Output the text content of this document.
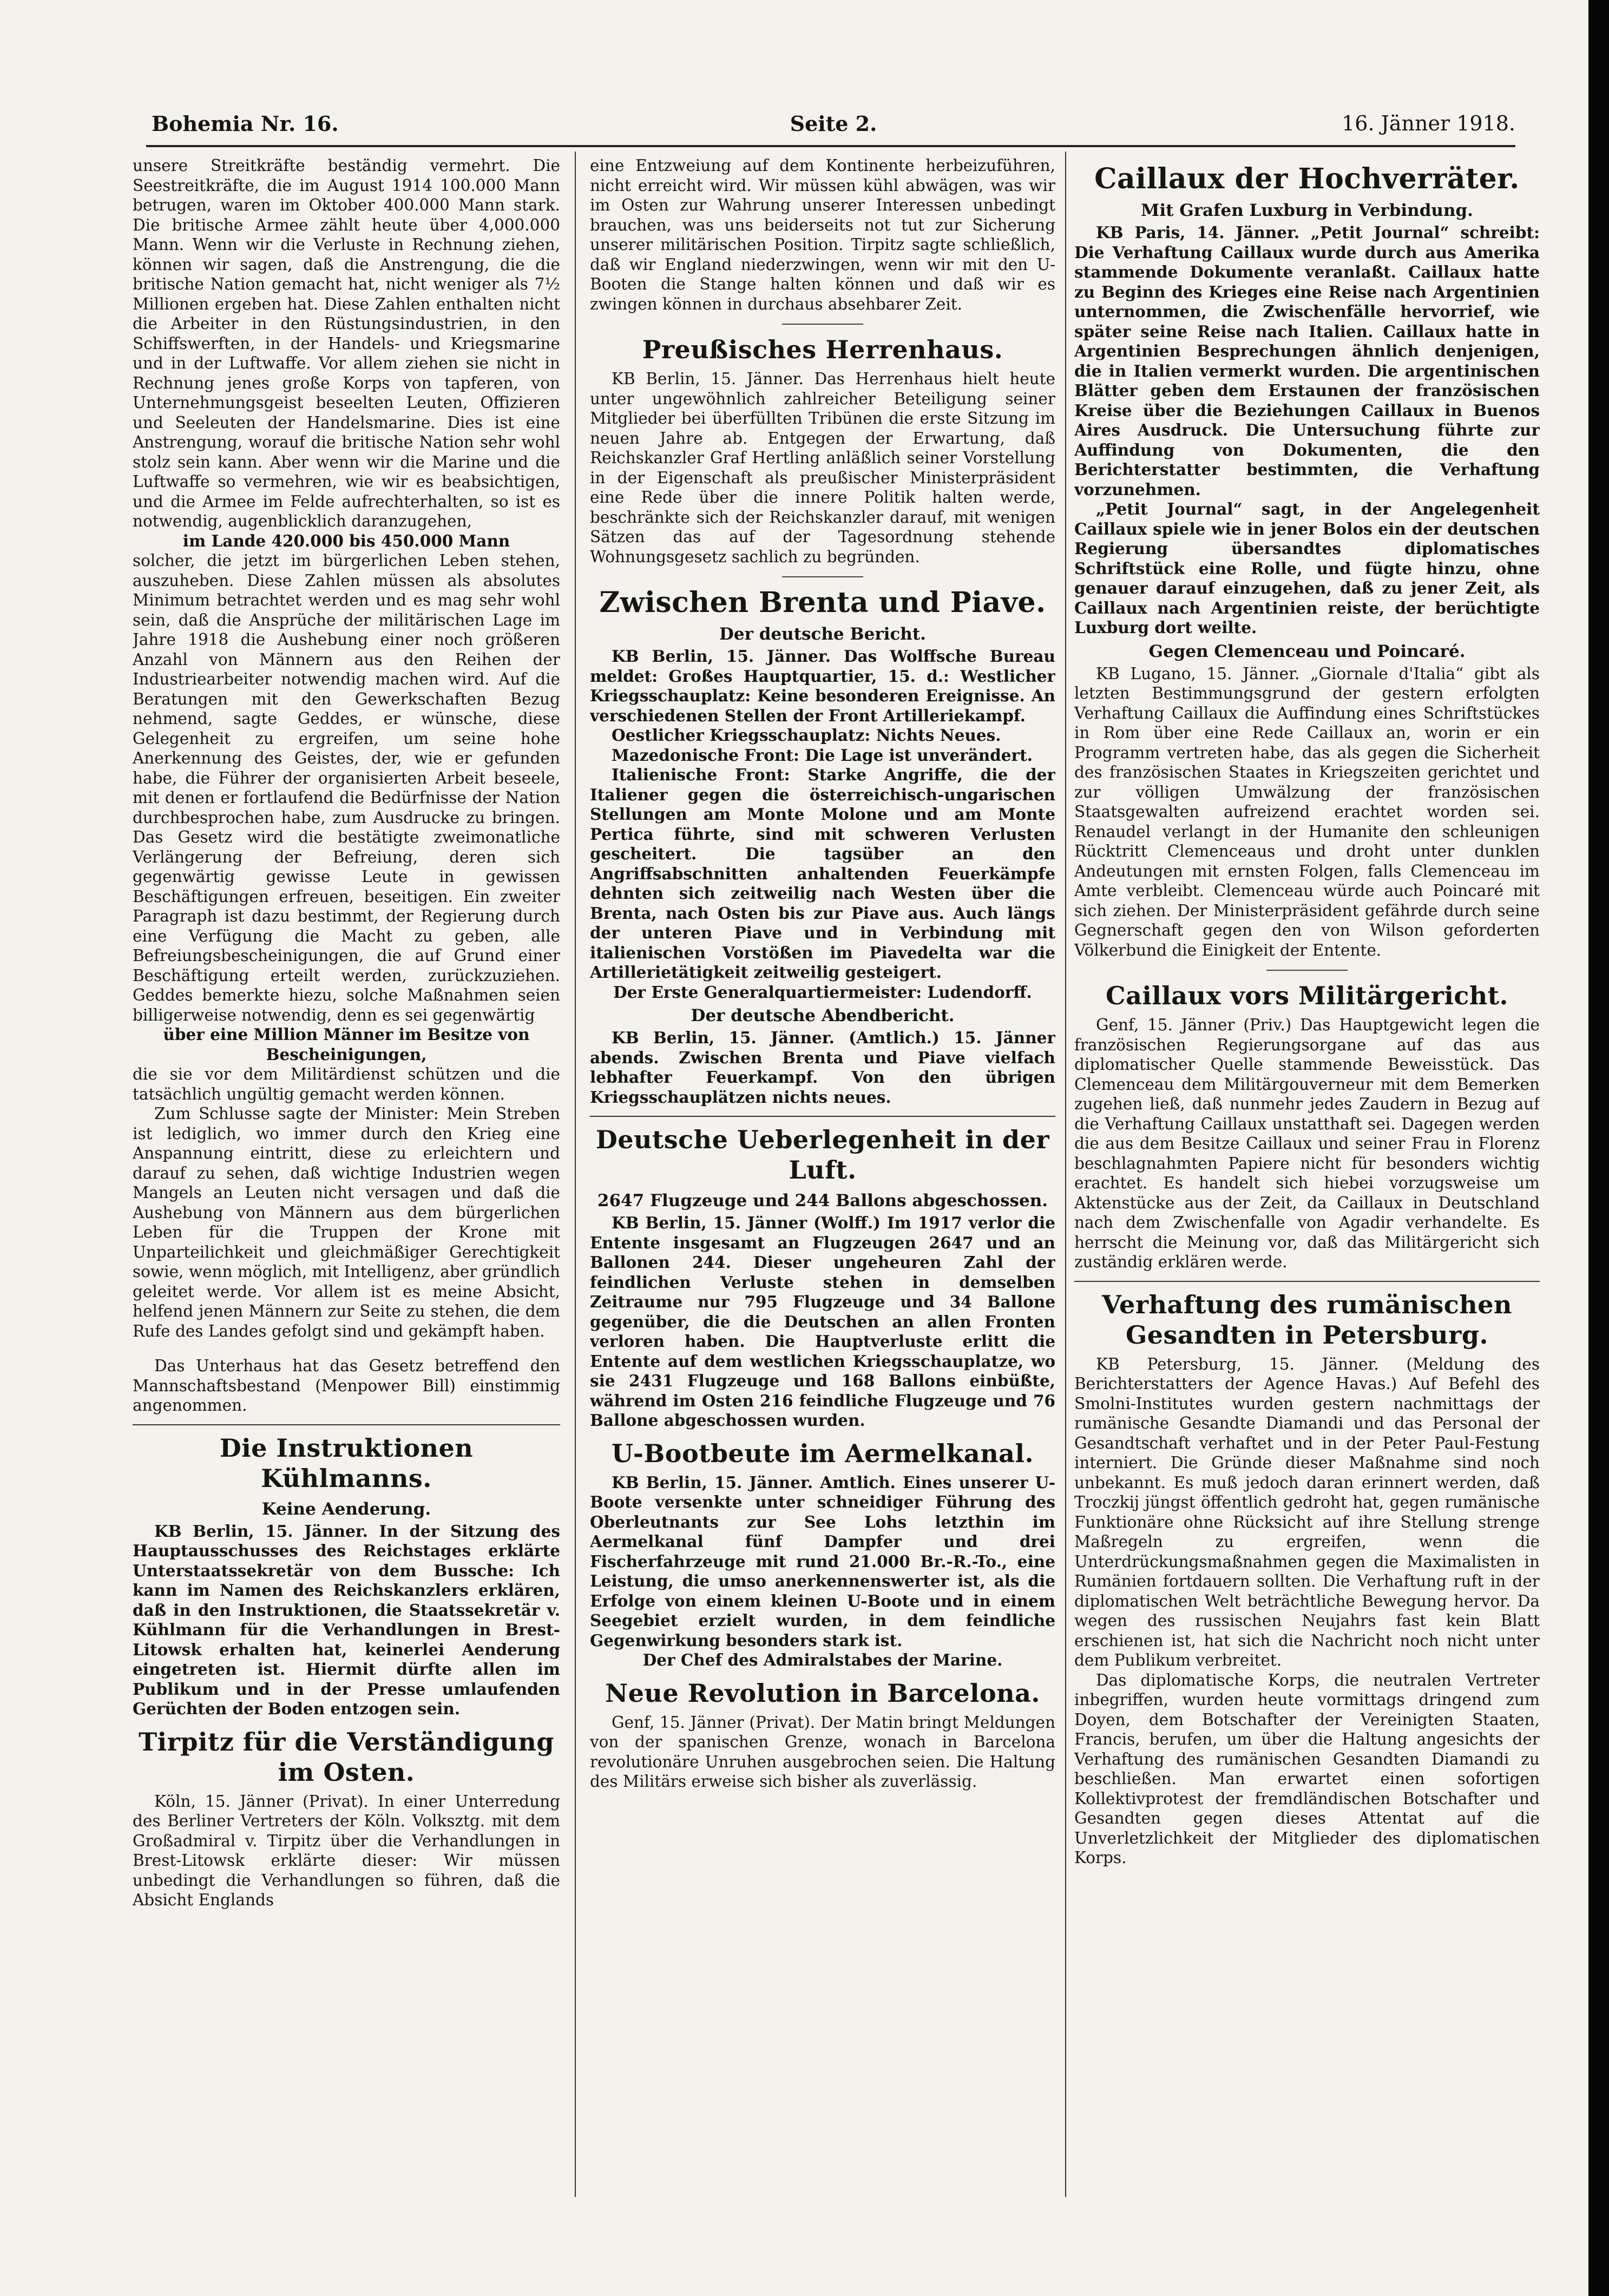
Seite 2.
Bohemia Nr. 16.	16. Jänner 1918.

unsere Streitkräfte beständig vermehrt. Die Seestreitkräfte, die im August 1914 100.000 Mann betrugen, waren im Oktober 400.000 Mann stark. Die britische Armee zählt heute über 4,000.000 Mann. Wenn wir die Verluste in Rechnung ziehen, können wir sagen, daß die Anstrengung, die die britische Nation gemacht hat, nicht weniger als 7½ Millionen ergeben hat. Diese Zahlen enthalten nicht die Arbeiter in den Rüstungsindustrien, in den Schiffswerften, in der Handels- und Kriegsmarine und in der Luftwaffe. Vor allem ziehen sie nicht in Rechnung jenes große Korps von tapferen, von Unternehmungsgeist beseelten Leuten, Offizieren und Seeleuten der Handelsmarine. Dies ist eine Anstrengung, worauf die britische Nation sehr wohl stolz sein kann. Aber wenn wir die Marine und die Luftwaffe so vermehren, wie wir es beabsichtigen, und die Armee im Felde aufrechterhalten, so ist es notwendig, augenblicklich daranzugehen,

im Lande 420.000 bis 450.000 Mann

solcher, die jetzt im bürgerlichen Leben stehen, auszuheben. Diese Zahlen müssen als absolutes Minimum betrachtet werden und es mag sehr wohl sein, daß die Ansprüche der militärischen Lage im Jahre 1918 die Aushebung einer noch größeren Anzahl von Männern aus den Reihen der Industriearbeiter notwendig machen wird. Auf die Beratungen mit den Gewerkschaften Bezug nehmend, sagte Geddes, er wünsche, diese Gelegenheit zu ergreifen, um seine hohe Anerkennung des Geistes, der, wie er gefunden habe, die Führer der organisierten Arbeit beseele, mit denen er fortlaufend die Bedürfnisse der Nation durchbesprochen habe, zum Ausdrucke zu bringen. Das Gesetz wird die bestätigte zweimonatliche Verlängerung der Befreiung, deren sich gegenwärtig gewisse Leute in gewissen Beschäftigungen erfreuen, beseitigen. Ein zweiter Paragraph ist dazu bestimmt, der Regierung durch eine Verfügung die Macht zu geben, alle Befreiungsbescheinigungen, die auf Grund einer Beschäftigung erteilt werden, zurückzuziehen. Geddes bemerkte hiezu, solche Maßnahmen seien billigerweise notwendig, denn es sei gegenwärtig

über eine Million Männer im Besitze von Bescheinigungen,

die sie vor dem Militärdienst schützen und die tatsächlich ungültig gemacht werden können.

Zum Schlusse sagte der Minister: Mein Streben ist lediglich, wo immer durch den Krieg eine Anspannung eintritt, diese zu erleichtern und darauf zu sehen, daß wichtige Industrien wegen Mangels an Leuten nicht versagen und daß die Aushebung von Männern aus dem bürgerlichen Leben für die Truppen der Krone mit Unparteilichkeit und gleichmäßiger Gerechtigkeit sowie, wenn möglich, mit Intelligenz, aber gründlich geleitet werde. Vor allem ist es meine Absicht, helfend jenen Männern zur Seite zu stehen, die dem Rufe des Landes gefolgt sind und gekämpft haben.

Das Unterhaus hat das Gesetz betreffend den Mannschaftsbestand (Menpower Bill) einstimmig angenommen.

Die Instruktionen Kühlmanns.

Keine Aenderung.

KB Berlin, 15. Jänner. In der Sitzung des Hauptausschusses des Reichstages erklärte Unterstaatssekretär von dem Bussche: Ich kann im Namen des Reichskanzlers erklären, daß in den Instruktionen, die Staatssekretär v. Kühlmann für die Verhandlungen in Brest-Litowsk erhalten hat, keinerlei Aenderung eingetreten ist. Hiermit dürfte allen im Publikum und in der Presse umlaufenden Gerüchten der Boden entzogen sein.

Tirpitz für die Verständigung im Osten.

Köln, 15. Jänner (Privat). In einer Unterredung des Berliner Vertreters der Köln. Volksztg. mit dem Großadmiral v. Tirpitz über die Verhandlungen in Brest-Litowsk erklärte dieser: Wir müssen unbedingt die Verhandlungen so führen, daß die Absicht Englands

eine Entzweiung auf dem Kontinente herbeizuführen, nicht erreicht wird. Wir müssen kühl abwägen, was wir im Osten zur Wahrung unserer Interessen unbedingt brauchen, was uns beiderseits not tut zur Sicherung unserer militärischen Position. Tirpitz sagte schließlich, daß wir England niederzwingen, wenn wir mit den U-Booten die Stange halten können und daß wir es zwingen können in durchaus absehbarer Zeit.

Preußisches Herrenhaus.

KB Berlin, 15. Jänner. Das Herrenhaus hielt heute unter ungewöhnlich zahlreicher Beteiligung seiner Mitglieder bei überfüllten Tribünen die erste Sitzung im neuen Jahre ab. Entgegen der Erwartung, daß Reichskanzler Graf Hertling anläßlich seiner Vorstellung in der Eigenschaft als preußischer Ministerpräsident eine Rede über die innere Politik halten werde, beschränkte sich der Reichskanzler darauf, mit wenigen Sätzen das auf der Tagesordnung stehende Wohnungsgesetz sachlich zu begründen.

Zwischen Brenta und Piave.

Der deutsche Bericht.

KB Berlin, 15. Jänner. Das Wolffsche Bureau meldet: Großes Hauptquartier, 15. d.: Westlicher Kriegsschauplatz: Keine besonderen Ereignisse. An verschiedenen Stellen der Front Artilleriekampf.

Oestlicher Kriegsschauplatz: Nichts Neues.

Mazedonische Front: Die Lage ist unverändert.

Italienische Front: Starke Angriffe, die der Italiener gegen die österreichisch-ungarischen Stellungen am Monte Molone und am Monte Pertica führte, sind mit schweren Verlusten gescheitert. Die tagsüber an den Angriffsabschnitten anhaltenden Feuerkämpfe dehnten sich zeitweilig nach Westen über die Brenta, nach Osten bis zur Piave aus. Auch längs der unteren Piave und in Verbindung mit italienischen Vorstößen im Piavedelta war die Artillerietätigkeit zeitweilig gesteigert.

Der Erste Generalquartiermeister: Ludendorff.

Der deutsche Abendbericht.

KB Berlin, 15. Jänner. (Amtlich.) 15. Jänner abends. Zwischen Brenta und Piave vielfach lebhafter Feuerkampf. Von den übrigen Kriegsschauplätzen nichts neues.

Deutsche Ueberlegenheit in der Luft.

2647 Flugzeuge und 244 Ballons abgeschossen.

KB Berlin, 15. Jänner (Wolff.) Im 1917 verlor die Entente insgesamt an Flugzeugen 2647 und an Ballonen 244. Dieser ungeheuren Zahl der feindlichen Verluste stehen in demselben Zeitraume nur 795 Flugzeuge und 34 Ballone gegenüber, die die Deutschen an allen Fronten verloren haben. Die Hauptverluste erlitt die Entente auf dem westlichen Kriegsschauplatze, wo sie 2431 Flugzeuge und 168 Ballons einbüßte, während im Osten 216 feindliche Flugzeuge und 76 Ballone abgeschossen wurden.

U-Bootbeute im Aermelkanal.

KB Berlin, 15. Jänner. Amtlich. Eines unserer U-Boote versenkte unter schneidiger Führung des Oberleutnants zur See Lohs letzthin im Aermelkanal fünf Dampfer und drei Fischerfahrzeuge mit rund 21.000 Br.-R.-To., eine Leistung, die umso anerkennenswerter ist, als die Erfolge von einem kleinen U-Boote und in einem Seegebiet erzielt wurden, in dem feindliche Gegenwirkung besonders stark ist.

Der Chef des Admiralstabes der Marine.

Neue Revolution in Barcelona.

Genf, 15. Jänner (Privat). Der Matin bringt Meldungen von der spanischen Grenze, wonach in Barcelona revolutionäre Unruhen ausgebrochen seien. Die Haltung des Militärs erweise sich bisher als zuverlässig.

Caillaux der Hochverräter.

Mit Grafen Luxburg in Verbindung.

KB Paris, 14. Jänner. „Petit Journal“ schreibt: Die Verhaftung Caillaux wurde durch aus Amerika stammende Dokumente veranlaßt. Caillaux hatte zu Beginn des Krieges eine Reise nach Argentinien unternommen, die Zwischenfälle hervorrief, wie später seine Reise nach Italien. Caillaux hatte in Argentinien Besprechungen ähnlich denjenigen, die in Italien vermerkt wurden. Die argentinischen Blätter geben dem Erstaunen der französischen Kreise über die Beziehungen Caillaux in Buenos Aires Ausdruck. Die Untersuchung führte zur Auffindung von Dokumenten, die den Berichterstatter bestimmten, die Verhaftung vorzunehmen.

„Petit Journal“ sagt, in der Angelegenheit Caillaux spiele wie in jener Bolos ein der deutschen Regierung übersandtes diplomatisches Schriftstück eine Rolle, und fügte hinzu, ohne genauer darauf einzugehen, daß zu jener Zeit, als Caillaux nach Argentinien reiste, der berüchtigte Luxburg dort weilte.

Gegen Clemenceau und Poincaré.

KB Lugano, 15. Jänner. „Giornale d'Italia“ gibt als letzten Bestimmungsgrund der gestern erfolgten Verhaftung Caillaux die Auffindung eines Schriftstückes in Rom über eine Rede Caillaux an, worin er ein Programm vertreten habe, das als gegen die Sicherheit des französischen Staates in Kriegszeiten gerichtet und zur völligen Umwälzung der französischen Staatsgewalten aufreizend erachtet worden sei. Renaudel verlangt in der Humanite den schleunigen Rücktritt Clemenceaus und droht unter dunklen Andeutungen mit ernsten Folgen, falls Clemenceau im Amte verbleibt. Clemenceau würde auch Poincaré mit sich ziehen. Der Ministerpräsident gefährde durch seine Gegnerschaft gegen den von Wilson geforderten Völkerbund die Einigkeit der Entente.

Caillaux vors Militärgericht.

Genf, 15. Jänner (Priv.) Das Hauptgewicht legen die französischen Regierungsorgane auf das aus diplomatischer Quelle stammende Beweisstück. Das Clemenceau dem Militärgouverneur mit dem Bemerken zugehen ließ, daß nunmehr jedes Zaudern in Bezug auf die Verhaftung Caillaux unstatthaft sei. Dagegen werden die aus dem Besitze Caillaux und seiner Frau in Florenz beschlagnahmten Papiere nicht für besonders wichtig erachtet. Es handelt sich hiebei vorzugsweise um Aktenstücke aus der Zeit, da Caillaux in Deutschland nach dem Zwischenfalle von Agadir verhandelte. Es herrscht die Meinung vor, daß das Militärgericht sich zuständig erklären werde.

Verhaftung des rumänischen Gesandten in Petersburg.

KB Petersburg, 15. Jänner. (Meldung des Berichterstatters der Agence Havas.) Auf Befehl des Smolni-Institutes wurden gestern nachmittags der rumänische Gesandte Diamandi und das Personal der Gesandtschaft verhaftet und in der Peter Paul-Festung interniert. Die Gründe dieser Maßnahme sind noch unbekannt. Es muß jedoch daran erinnert werden, daß Troczkij jüngst öffentlich gedroht hat, gegen rumänische Funktionäre ohne Rücksicht auf ihre Stellung strenge Maßregeln zu ergreifen, wenn die Unterdrückungsmaßnahmen gegen die Maximalisten in Rumänien fortdauern sollten. Die Verhaftung ruft in der diplomatischen Welt beträchtliche Bewegung hervor. Da wegen des russischen Neujahrs fast kein Blatt erschienen ist, hat sich die Nachricht noch nicht unter dem Publikum verbreitet.

Das diplomatische Korps, die neutralen Vertreter inbegriffen, wurden heute vormittags dringend zum Doyen, dem Botschafter der Vereinigten Staaten, Francis, berufen, um über die Haltung angesichts der Verhaftung des rumänischen Gesandten Diamandi zu beschließen. Man erwartet einen sofortigen Kollektivprotest der fremdländischen Botschafter und Gesandten gegen dieses Attentat auf die Unverletzlichkeit der Mitglieder des diplomatischen Korps.
